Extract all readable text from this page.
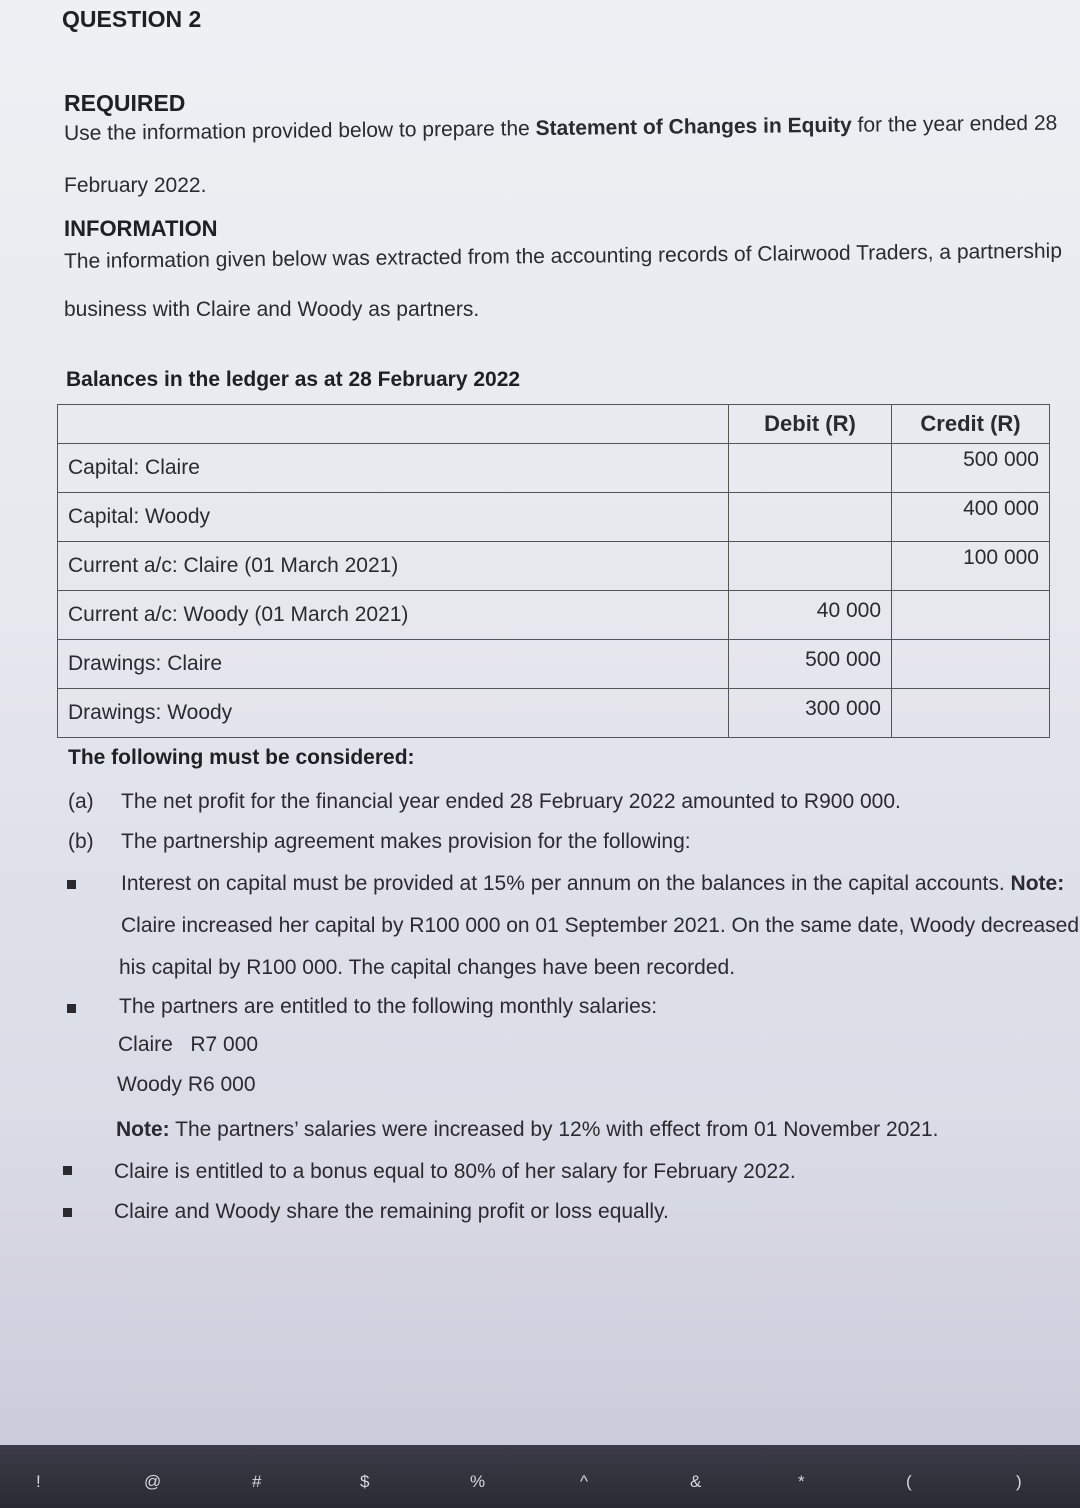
QUESTION 2
REQUIRED
Use the information provided below to prepare the Statement of Changes in Equity for the year ended 28
February 2022.
INFORMATION
The information given below was extracted from the accounting records of Clairwood Traders, a partnership
business with Claire and Woody as partners.
Balances in the ledger as at 28 February 2022
	Debit (R)	Credit (R)
Capital: Claire		500 000
Capital: Woody		400 000
Current a/c: Claire (01 March 2021)		100 000
Current a/c: Woody (01 March 2021)	40 000	
Drawings: Claire	500 000	
Drawings: Woody	300 000	
The following must be considered:
(a) The net profit for the financial year ended 28 February 2022 amounted to R900 000.
(b) The partnership agreement makes provision for the following:
Interest on capital must be provided at 15% per annum on the balances in the capital accounts. Note:
Claire increased her capital by R100 000 on 01 September 2021. On the same date, Woody decreased
his capital by R100 000. The capital changes have been recorded.
The partners are entitled to the following monthly salaries:
Claire   R7 000
Woody R6 000
Note: The partners’ salaries were increased by 12% with effect from 01 November 2021.
Claire is entitled to a bonus equal to 80% of her salary for February 2022.
Claire and Woody share the remaining profit or loss equally.
!	@	#	$	%	^	&	*	(	)
